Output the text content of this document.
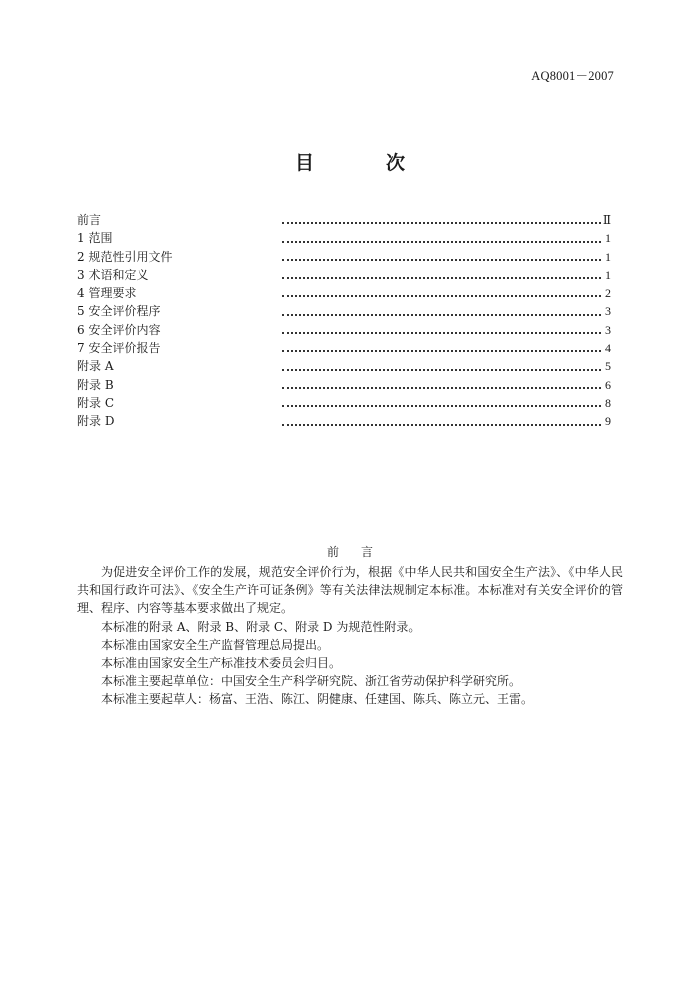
AQ8001－2007
目	次
前言	Ⅱ
1 范围	1
2 规范性引用文件	1
3 术语和定义	1
4 管理要求	2
5 安全评价程序	3
6 安全评价内容	3
7 安全评价报告	4
附录 A	5
附录 B	6
附录 C	8
附录 D	9
前 言

为促进安全评价工作的发展，规范安全评价行为，根据《中华人民共和国安全生产法》、《中华人民共和国行政许可法》、《安全生产许可证条例》等有关法律法规制定本标准。本标准对有关安全评价的管理、程序、内容等基本要求做出了规定。

本标准的附录 A、附录 B、附录 C、附录 D 为规范性附录。

本标准由国家安全生产监督管理总局提出。

本标准由国家安全生产标准技术委员会归目。

本标准主要起草单位：中国安全生产科学研究院、浙江省劳动保护科学研究所。

本标准主要起草人：杨富、王浩、陈江、阴健康、任建国、陈兵、陈立元、王雷。
